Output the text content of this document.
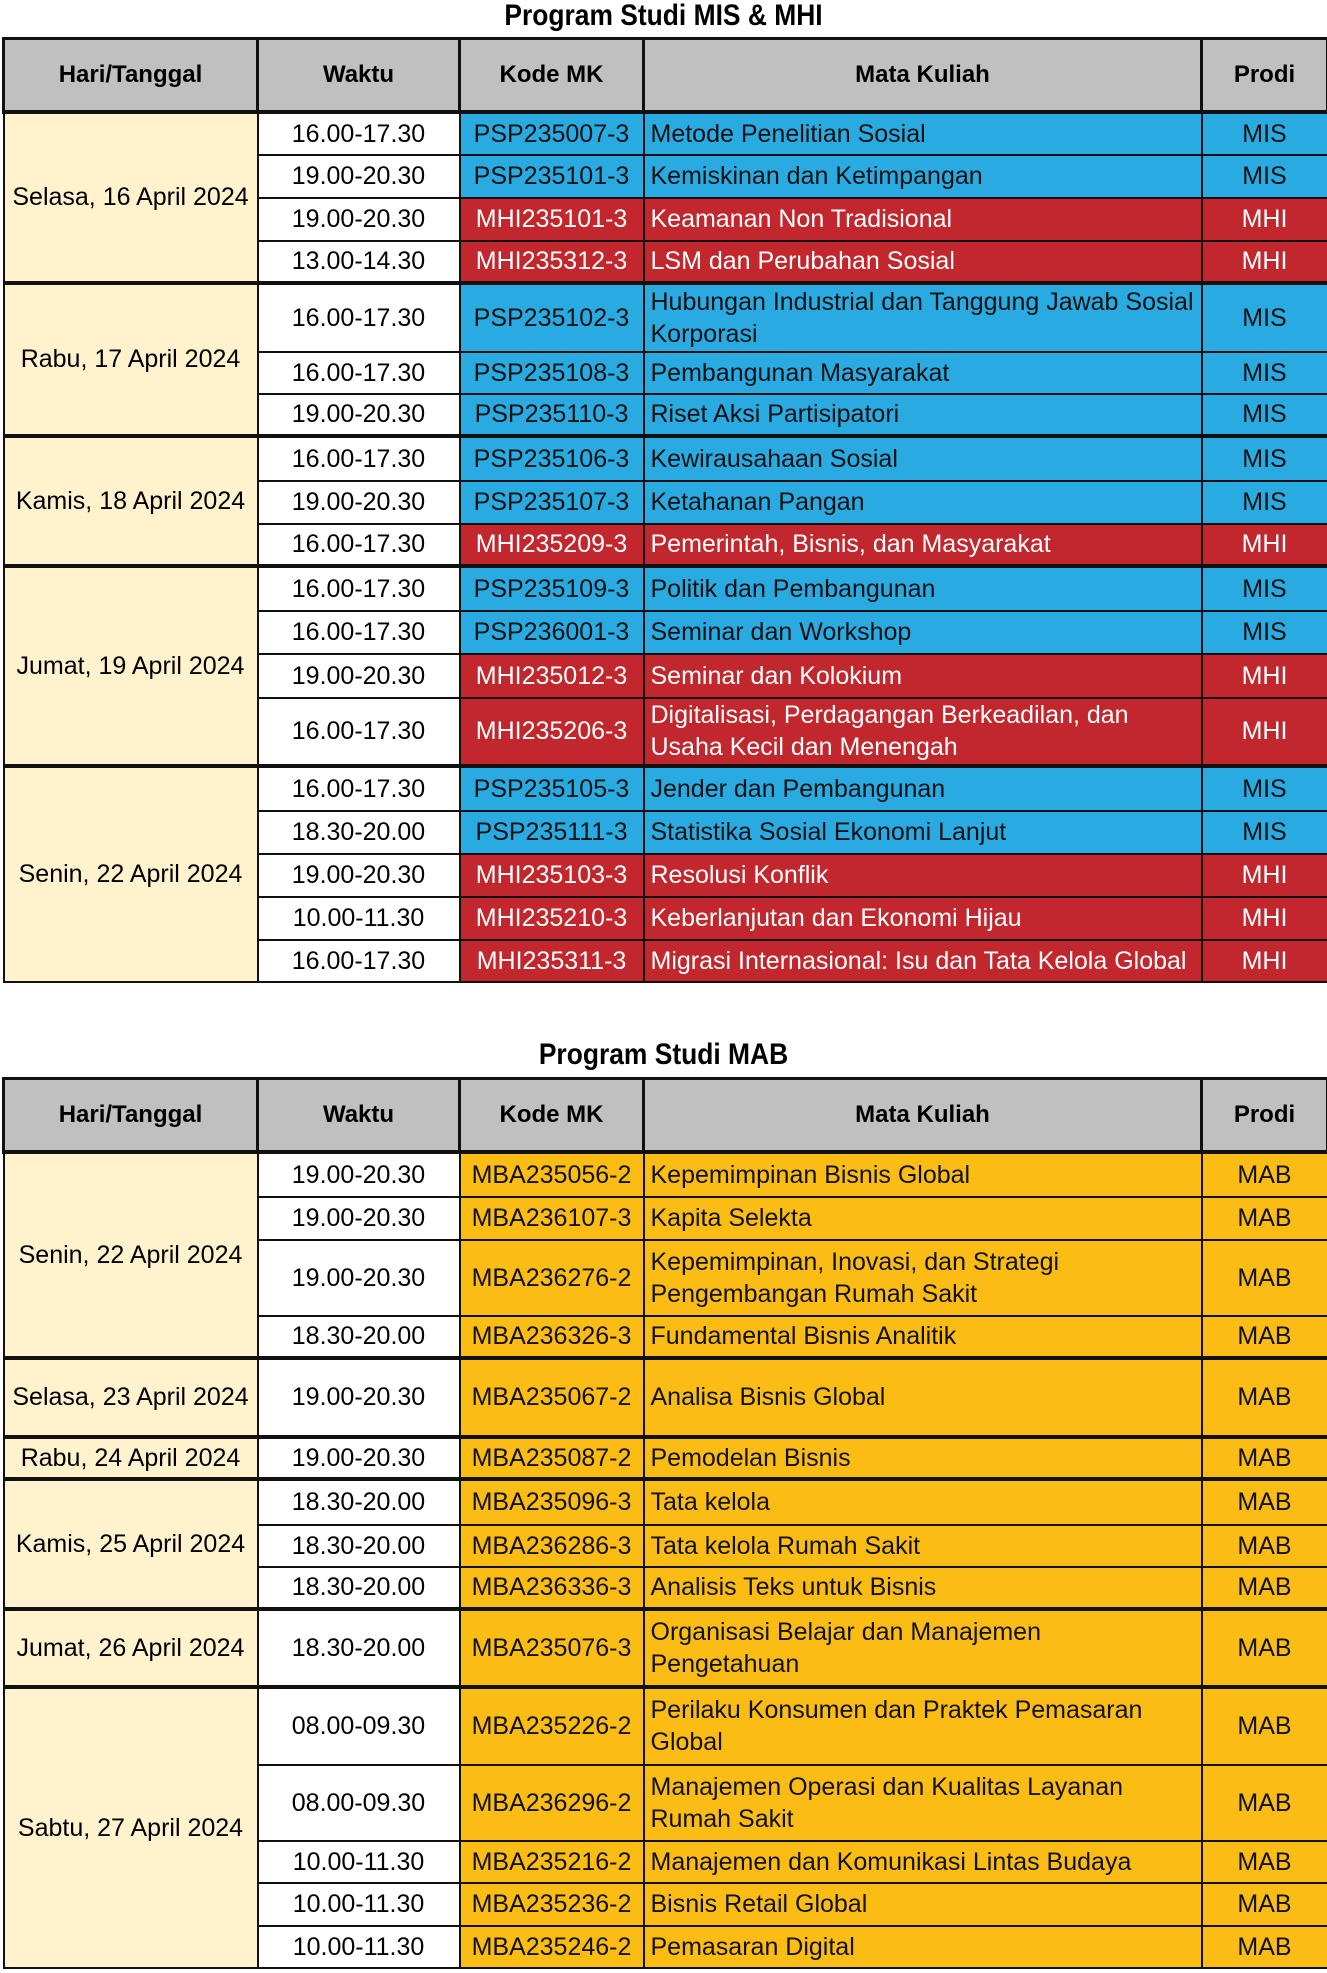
Program Studi MIS & MHI
Hari/Tanggal	Waktu	Kode MK	Mata Kuliah	Prodi
Selasa, 16 April 2024	16.00-17.30	PSP235007-3	Metode Penelitian Sosial	MIS
	19.00-20.30	PSP235101-3	Kemiskinan dan Ketimpangan	MIS
	19.00-20.30	MHI235101-3	Keamanan Non Tradisional	MHI
	13.00-14.30	MHI235312-3	LSM dan Perubahan Sosial	MHI
Rabu, 17 April 2024	16.00-17.30	PSP235102-3	Hubungan Industrial dan Tanggung Jawab Sosial Korporasi	MIS
	16.00-17.30	PSP235108-3	Pembangunan Masyarakat	MIS
	19.00-20.30	PSP235110-3	Riset Aksi Partisipatori	MIS
Kamis, 18 April 2024	16.00-17.30	PSP235106-3	Kewirausahaan Sosial	MIS
	19.00-20.30	PSP235107-3	Ketahanan Pangan	MIS
	16.00-17.30	MHI235209-3	Pemerintah, Bisnis, dan Masyarakat	MHI
Jumat, 19 April 2024	16.00-17.30	PSP235109-3	Politik dan Pembangunan	MIS
	16.00-17.30	PSP236001-3	Seminar dan Workshop	MIS
	19.00-20.30	MHI235012-3	Seminar dan Kolokium	MHI
	16.00-17.30	MHI235206-3	Digitalisasi, Perdagangan Berkeadilan, dan Usaha Kecil dan Menengah	MHI
Senin, 22 April 2024	16.00-17.30	PSP235105-3	Jender dan Pembangunan	MIS
	18.30-20.00	PSP235111-3	Statistika Sosial Ekonomi Lanjut	MIS
	19.00-20.30	MHI235103-3	Resolusi Konflik	MHI
	10.00-11.30	MHI235210-3	Keberlanjutan dan Ekonomi Hijau	MHI
	16.00-17.30	MHI235311-3	Migrasi Internasional: Isu dan Tata Kelola Global	MHI
Program Studi MAB
Hari/Tanggal	Waktu	Kode MK	Mata Kuliah	Prodi
Senin, 22 April 2024	19.00-20.30	MBA235056-2	Kepemimpinan Bisnis Global	MAB
	19.00-20.30	MBA236107-3	Kapita Selekta	MAB
	19.00-20.30	MBA236276-2	Kepemimpinan, Inovasi, dan Strategi Pengembangan Rumah Sakit	MAB
	18.30-20.00	MBA236326-3	Fundamental Bisnis Analitik	MAB
Selasa, 23 April 2024	19.00-20.30	MBA235067-2	Analisa Bisnis Global	MAB
Rabu, 24 April 2024	19.00-20.30	MBA235087-2	Pemodelan Bisnis	MAB
Kamis, 25 April 2024	18.30-20.00	MBA235096-3	Tata kelola	MAB
	18.30-20.00	MBA236286-3	Tata kelola Rumah Sakit	MAB
	18.30-20.00	MBA236336-3	Analisis Teks untuk Bisnis	MAB
Jumat, 26 April 2024	18.30-20.00	MBA235076-3	Organisasi Belajar dan Manajemen Pengetahuan	MAB
Sabtu, 27 April 2024	08.00-09.30	MBA235226-2	Perilaku Konsumen dan Praktek Pemasaran Global	MAB
	08.00-09.30	MBA236296-2	Manajemen Operasi dan Kualitas Layanan Rumah Sakit	MAB
	10.00-11.30	MBA235216-2	Manajemen dan Komunikasi Lintas Budaya	MAB
	10.00-11.30	MBA235236-2	Bisnis Retail Global	MAB
	10.00-11.30	MBA235246-2	Pemasaran Digital	MAB
